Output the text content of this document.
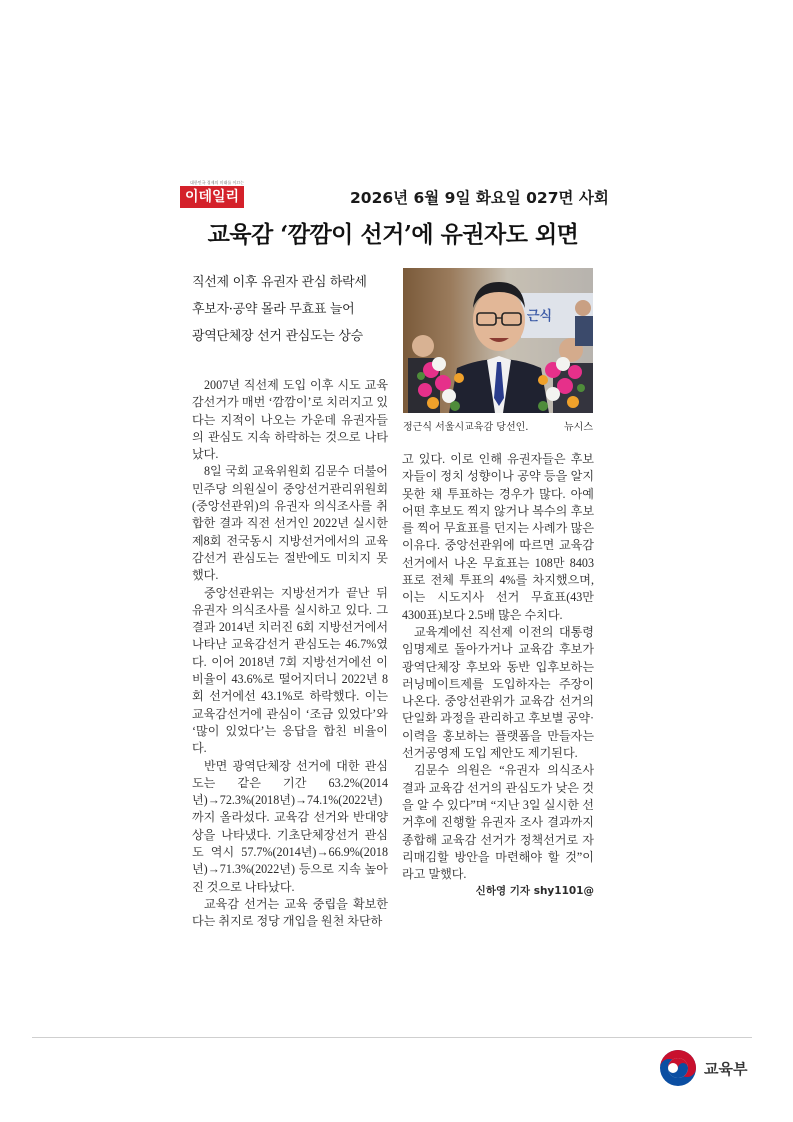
대한민국 경제의 미래를 이끄는
이데일리	2026년 6월 9일 화요일 027면 사회
교육감 ‘깜깜이 선거’에 유권자도 외면
직선제 이후 유권자 관심 하락세
후보자·공약 몰라 무효표 늘어
광역단체장 선거 관심도는 상승
근식
정근식 서울시교육감 당선인.	뉴시스

2007년 직선제 도입 이후 시도 교육감선거가 매번 ‘깜깜이’로 치러지고 있다는 지적이 나오는 가운데 유권자들의 관심도 지속 하락하는 것으로 나타났다.

8일 국회 교육위원회 김문수 더불어민주당 의원실이 중앙선거관리위원회(중앙선관위)의 유권자 의식조사를 취합한 결과 직전 선거인 2022년 실시한 제8회 전국동시 지방선거에서의 교육감선거 관심도는 절반에도 미치지 못했다.

중앙선관위는 지방선거가 끝난 뒤 유권자 의식조사를 실시하고 있다. 그 결과 2014년 치러진 6회 지방선거에서 나타난 교육감선거 관심도는 46.7%였다. 이어 2018년 7회 지방선거에선 이 비율이 43.6%로 떨어지더니 2022년 8회 선거에선 43.1%로 하락했다. 이는 교육감선거에 관심이 ‘조금 있었다’와 ‘많이 있었다’는 응답을 합친 비율이다.

반면 광역단체장 선거에 대한 관심도는 같은 기간 63.2%(2014년)→72.3%(2018년)→74.1%(2022년)까지 올라섰다. 교육감 선거와 반대양상을 나타냈다. 기초단체장선거 관심도 역시 57.7%(2014년)→66.9%(2018년)→71.3%(2022년) 등으로 지속 높아진 것으로 나타났다.

교육감 선거는 교육 중립을 확보한다는 취지로 정당 개입을 원천 차단하

고 있다. 이로 인해 유권자들은 후보자들이 정치 성향이나 공약 등을 알지 못한 채 투표하는 경우가 많다. 아예 어떤 후보도 찍지 않거나 복수의 후보를 찍어 무효표를 던지는 사례가 많은 이유다. 중앙선관위에 따르면 교육감 선거에서 나온 무효표는 108만 8403표로 전체 투표의 4%를 차지했으며, 이는 시도지사 선거 무효표(43만 4300표)보다 2.5배 많은 수치다.

교육계에선 직선제 이전의 대통령 임명제로 돌아가거나 교육감 후보가 광역단체장 후보와 동반 입후보하는 러닝메이트제를 도입하자는 주장이 나온다. 중앙선관위가 교육감 선거의 단일화 과정을 관리하고 후보별 공약·이력을 홍보하는 플랫폼을 만들자는 선거공영제 도입 제안도 제기된다.

김문수 의원은 “유권자 의식조사 결과 교육감 선거의 관심도가 낮은 것을 알 수 있다”며 “지난 3일 실시한 선거후에 진행할 유권자 조사 결과까지 종합해 교육감 선거가 정책선거로 자리매김할 방안을 마련해야 할 것”이라고 말했다.
신하영 기자 shy1101@

교육부
